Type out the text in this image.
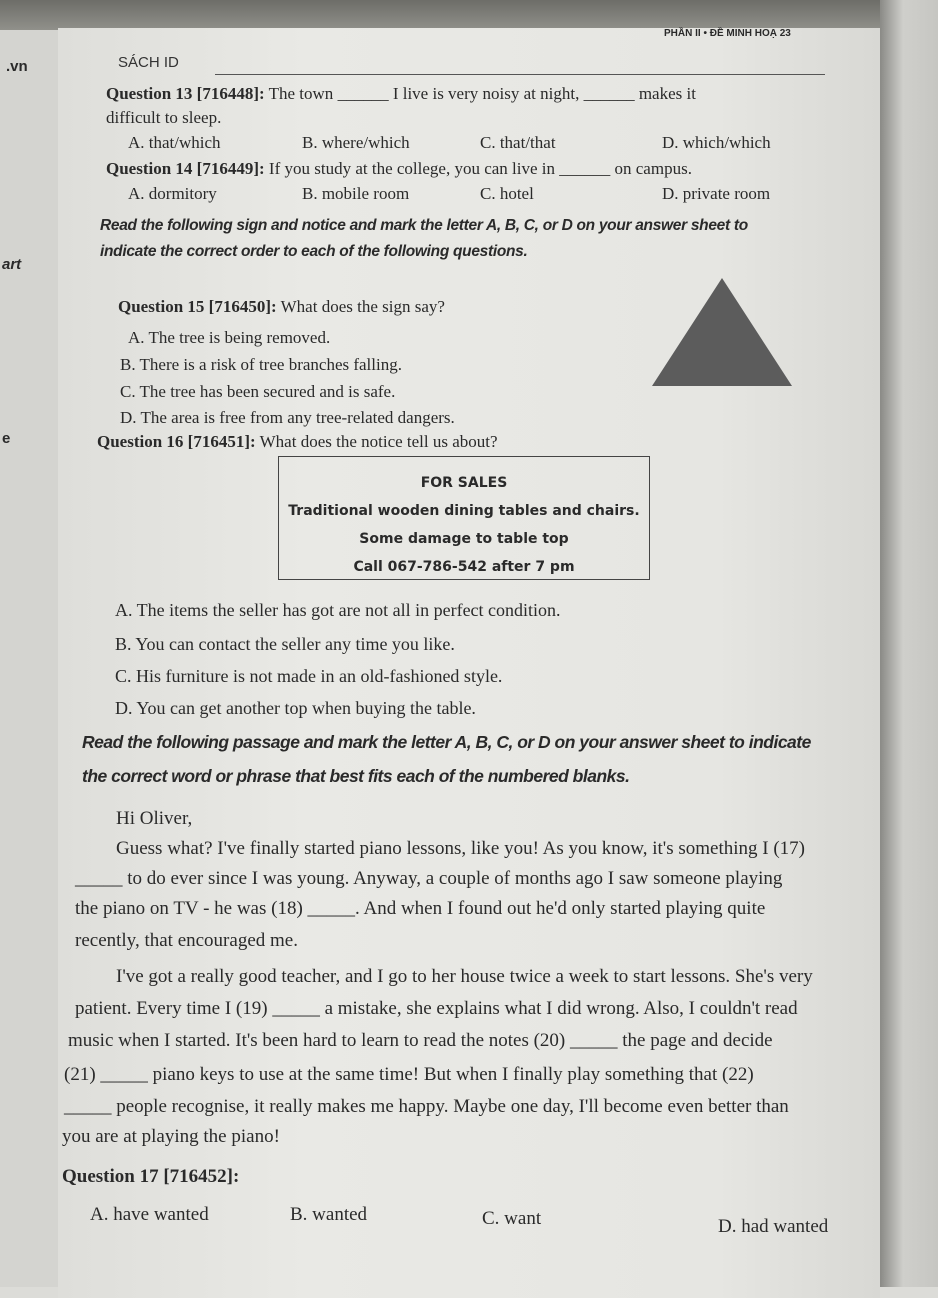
PHẦN II • ĐỀ MINH HOẠ 23
SÁCH ID
.vn
art
e
Question 13 [716448]: The town ______ I live is very noisy at night, ______ makes it
difficult to sleep.
A. that/which	B. where/which	C. that/that	D. which/which
Question 14 [716449]: If you study at the college, you can live in ______ on campus.
A. dormitory	B. mobile room	C. hotel	D. private room
Read the following sign and notice and mark the letter A, B, C, or D on your answer sheet to
indicate the correct order to each of the following questions.
Question 15 [716450]: What does the sign say?
A. The tree is being removed.
B. There is a risk of tree branches falling.
C. The tree has been secured and is safe.
D. The area is free from any tree-related dangers.
Question 16 [716451]: What does the notice tell us about?
FOR SALES
Traditional wooden dining tables and chairs.
Some damage to table top
Call 067-786-542 after 7 pm
A. The items the seller has got are not all in perfect condition.
B. You can contact the seller any time you like.
C. His furniture is not made in an old-fashioned style.
D. You can get another top when buying the table.
Read the following passage and mark the letter A, B, C, or D on your answer sheet to indicate
the correct word or phrase that best fits each of the numbered blanks.
Hi Oliver,
Guess what? I've finally started piano lessons, like you! As you know, it's something I (17)
_____ to do ever since I was young. Anyway, a couple of months ago I saw someone playing
the piano on TV - he was (18) _____. And when I found out he'd only started playing quite
recently, that encouraged me.
I've got a really good teacher, and I go to her house twice a week to start lessons. She's very
patient. Every time I (19) _____ a mistake, she explains what I did wrong. Also, I couldn't read
music when I started. It's been hard to learn to read the notes (20) _____ the page and decide
(21) _____ piano keys to use at the same time! But when I finally play something that (22)
_____ people recognise, it really makes me happy. Maybe one day, I'll become even better than
you are at playing the piano!
Question 17 [716452]:
A. have wanted	B. wanted	C. want	D. had wanted
